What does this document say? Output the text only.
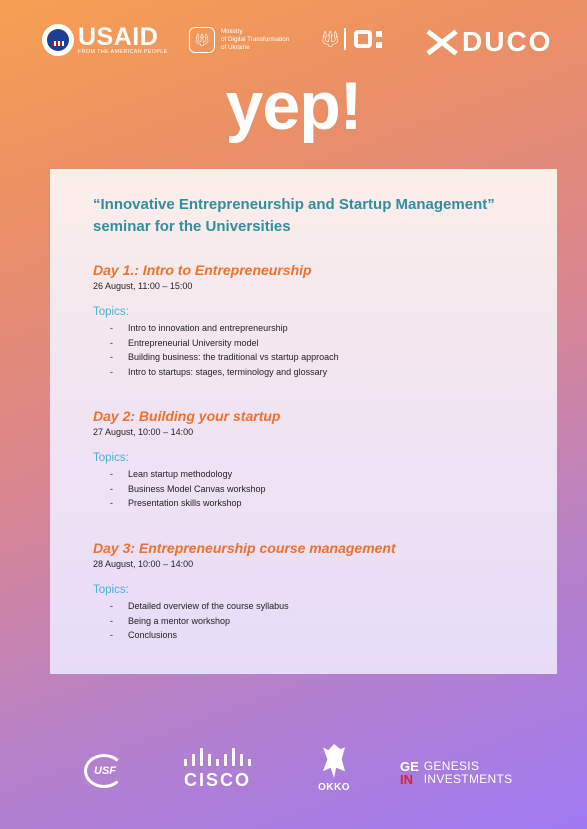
USAID
FROM THE AMERICAN PEOPLE
🔱︎
Ministry
of Digital Transformation
of Ukraine	🔱︎	DUCO
yep!
“Innovative Entrepreneurship and Startup Management” seminar for the Universities
Day 1.: Intro to Entrepreneurship
26 August, 11:00 – 15:00
Topics:
- Intro to innovation and entrepreneurship
- Entrepreneurial University model
- Building business: the traditional vs startup approach
- Intro to startups: stages, terminology and glossary
Day 2: Building your startup
27 August, 10:00 – 14:00
Topics:
- Lean startup methodology
- Business Model Canvas workshop
- Presentation skills workshop
Day 3: Entrepreneurship course management
28 August, 10:00 – 14:00
Topics:
- Detailed overview of the course syllabus
- Being a mentor workshop
- Conclusions
USF	CISCO	OKKO
GE
IN
GENESIS
INVESTMENTS
